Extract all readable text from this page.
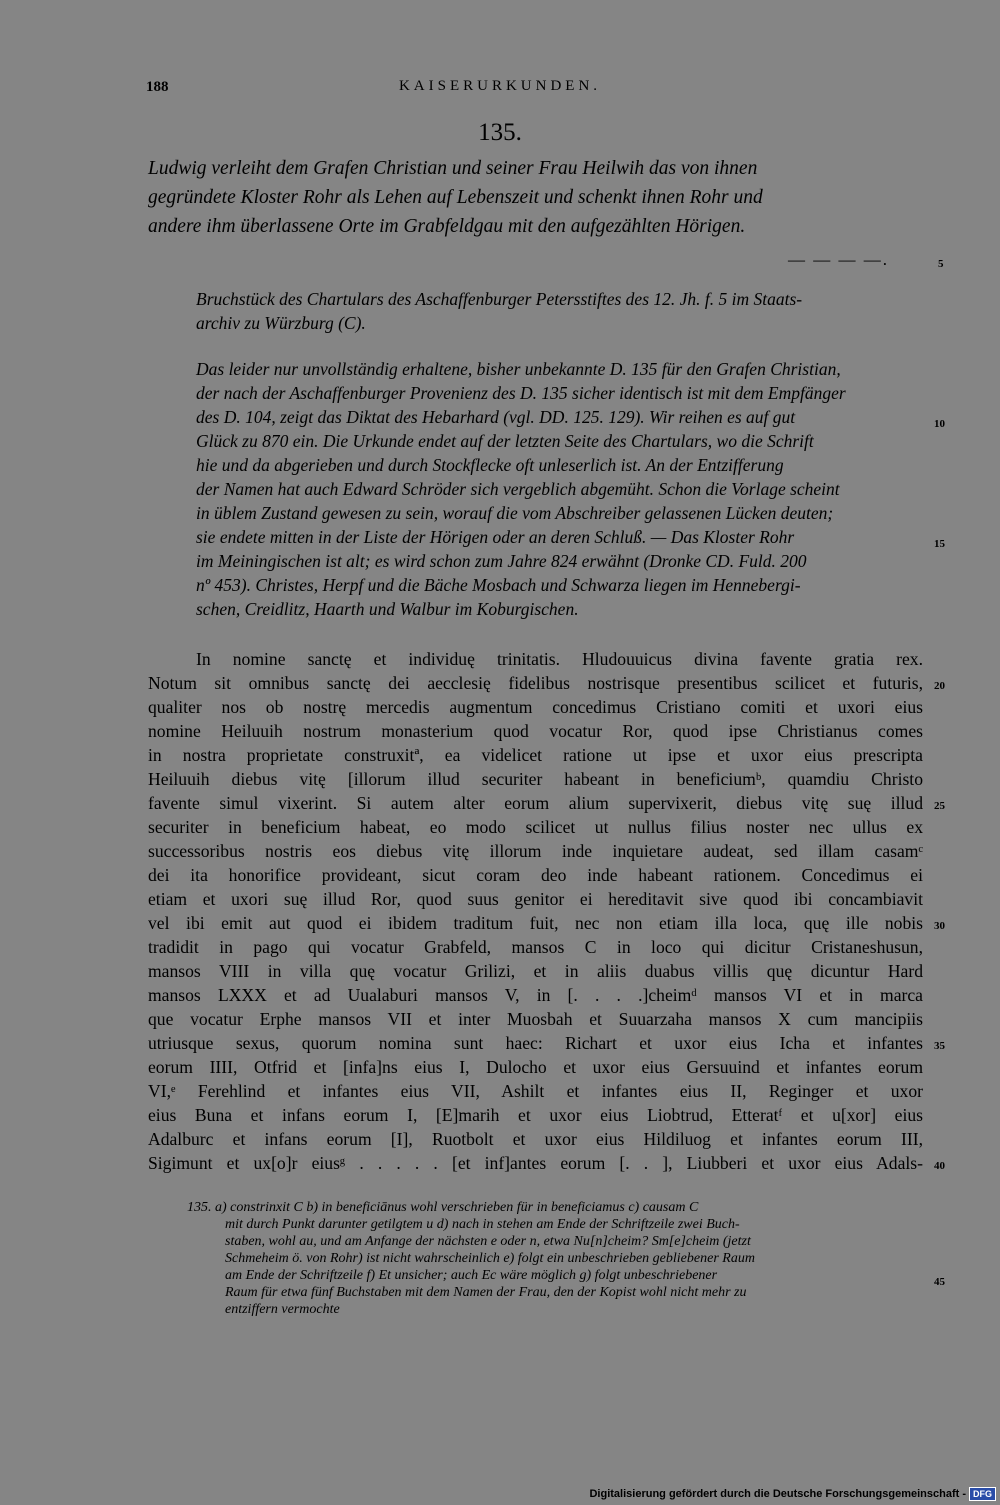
188	KAISERURKUNDEN.
135.
Ludwig verleiht dem Grafen Christian und seiner Frau Heilwih das von ihnen
gegründete Kloster Rohr als Lehen auf Lebenszeit und schenkt ihnen Rohr und
andere ihm überlassene Orte im Grabfeldgau mit den aufgezählten Hörigen.
— — — —.
Bruchstück des Chartulars des Aschaffenburger Petersstiftes des 12. Jh. f. 5 im Staats-
archiv zu Würzburg (C).
Das leider nur unvollständig erhaltene, bisher unbekannte D. 135 für den Grafen Christian,
der nach der Aschaffenburger Provenienz des D. 135 sicher identisch ist mit dem Empfänger
des D. 104, zeigt das Diktat des Hebarhard (vgl. DD. 125. 129). Wir reihen es auf gut
Glück zu 870 ein. Die Urkunde endet auf der letzten Seite des Chartulars, wo die Schrift
hie und da abgerieben und durch Stockflecke oft unleserlich ist. An der Entzifferung
der Namen hat auch Edward Schröder sich vergeblich abgemüht. Schon die Vorlage scheint
in üblem Zustand gewesen zu sein, worauf die vom Abschreiber gelassenen Lücken deuten;
sie endete mitten in der Liste der Hörigen oder an deren Schluß. — Das Kloster Rohr
im Meiningischen ist alt; es wird schon zum Jahre 824 erwähnt (Dronke CD. Fuld. 200
nº 453). Christes, Herpf und die Bäche Mosbach und Schwarza liegen im Hennebergi-
schen, Creidlitz, Haarth und Walbur im Koburgischen.
In nomine sanctę et individuę trinitatis. Hludouuicus divina favente gratia rex.
Notum sit omnibus sanctę dei aecclesię fidelibus nostrisque presentibus scilicet et futuris,
qualiter nos ob nostrę mercedis augmentum concedimus Cristiano comiti et uxori eius
nomine Heiluuih nostrum monasterium quod vocatur Ror, quod ipse Christianus comes
in nostra proprietate construxitª, ea videlicet ratione ut ipse et uxor eius prescripta
Heiluuih diebus vitę [illorum illud securiter habeant in beneficiumᵇ, quamdiu Christo
favente simul vixerint. Si autem alter eorum alium supervixerit, diebus vitę suę illud
securiter in beneficium habeat, eo modo scilicet ut nullus filius noster nec ullus ex
successoribus nostris eos diebus vitę illorum inde inquietare audeat, sed illam casamᶜ
dei ita honorifice provideant, sicut coram deo inde habeant rationem. Concedimus ei
etiam et uxori suę illud Ror, quod suus genitor ei hereditavit sive quod ibi concambiavit
vel ibi emit aut quod ei ibidem traditum fuit, nec non etiam illa loca, quę ille nobis
tradidit in pago qui vocatur Grabfeld, mansos C in loco qui dicitur Cristaneshusun,
mansos VIII in villa quę vocatur Grilizi, et in aliis duabus villis quę dicuntur Hard
mansos LXXX et ad Uualaburi mansos V, in [. . . .]cheimᵈ mansos VI et in marca
que vocatur Erphe mansos VII et inter Muosbah et Suuarzaha mansos X cum mancipiis
utriusque sexus, quorum nomina sunt haec: Richart et uxor eius Icha et infantes
eorum IIII, Otfrid et [infa]ns eius I, Dulocho et uxor eius Gersuuind et infantes eorum
VI,ᵉ Ferehlind et infantes eius VII, Ashilt et infantes eius II, Reginger et uxor
eius Buna et infans eorum I, [E]marih et uxor eius Liobtrud, Etteratᶠ et u[xor] eius
Adalburc et infans eorum [I], Ruotbolt et uxor eius Hildiluog et infantes eorum III,
Sigimunt et ux[o]r eiusᵍ . . . . . [et inf]antes eorum [. . ], Liubberi et uxor eius Adals-
135. a) constrinxit C b) in beneficiānus wohl verschrieben für in beneficiamus c) causam C
mit durch Punkt darunter getilgtem u d) nach in stehen am Ende der Schriftzeile zwei Buch-
staben, wohl au, und am Anfange der nächsten e oder n, etwa Nu[n]cheim? Sm[e]cheim (jetzt
Schmeheim ö. von Rohr) ist nicht wahrscheinlich e) folgt ein unbeschrieben gebliebener Raum
am Ende der Schriftzeile f) Et unsicher; auch Ec wäre möglich g) folgt unbeschriebener
Raum für etwa fünf Buchstaben mit dem Namen der Frau, den der Kopist wohl nicht mehr zu
entziffern vermochte
5
10
15
20
25
30
35
40
45
Digitalisierung gefördert durch die Deutsche Forschungsgemeinschaft - DFG
